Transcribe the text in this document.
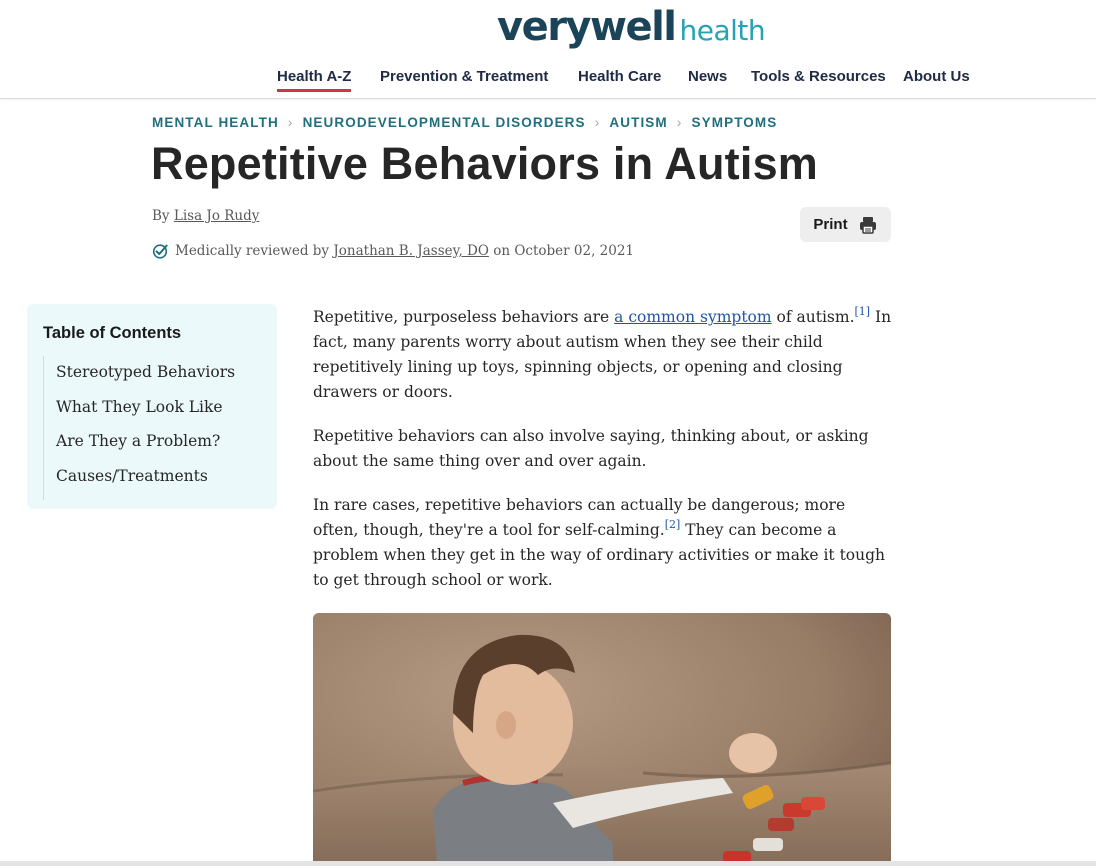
verywell health
Health A-Z Prevention & Treatment Health Care News Tools & Resources About Us
MENTAL HEALTH › NEURODEVELOPMENTAL DISORDERS › AUTISM › SYMPTOMS
Repetitive Behaviors in Autism
By Lisa Jo Rudy
Medically reviewed by
Jonathan B. Jassey, DO
on October 02, 2021
Print
Table of Contents
Stereotyped Behaviors
What They Look Like
Are They a Problem?
Causes/Treatments

Repetitive, purposeless behaviors are a common symptom of autism.[1] In fact, many parents worry about autism when they see their child repetitively lining up toys, spinning objects, or opening and closing drawers or doors.

Repetitive behaviors can also involve saying, thinking about, or asking about the same thing over and over again.

In rare cases, repetitive behaviors can actually be dangerous; more often, though, they're a tool for self-calming.[2] They can become a problem when they get in the way of ordinary activities or make it tough to get through school or work.
